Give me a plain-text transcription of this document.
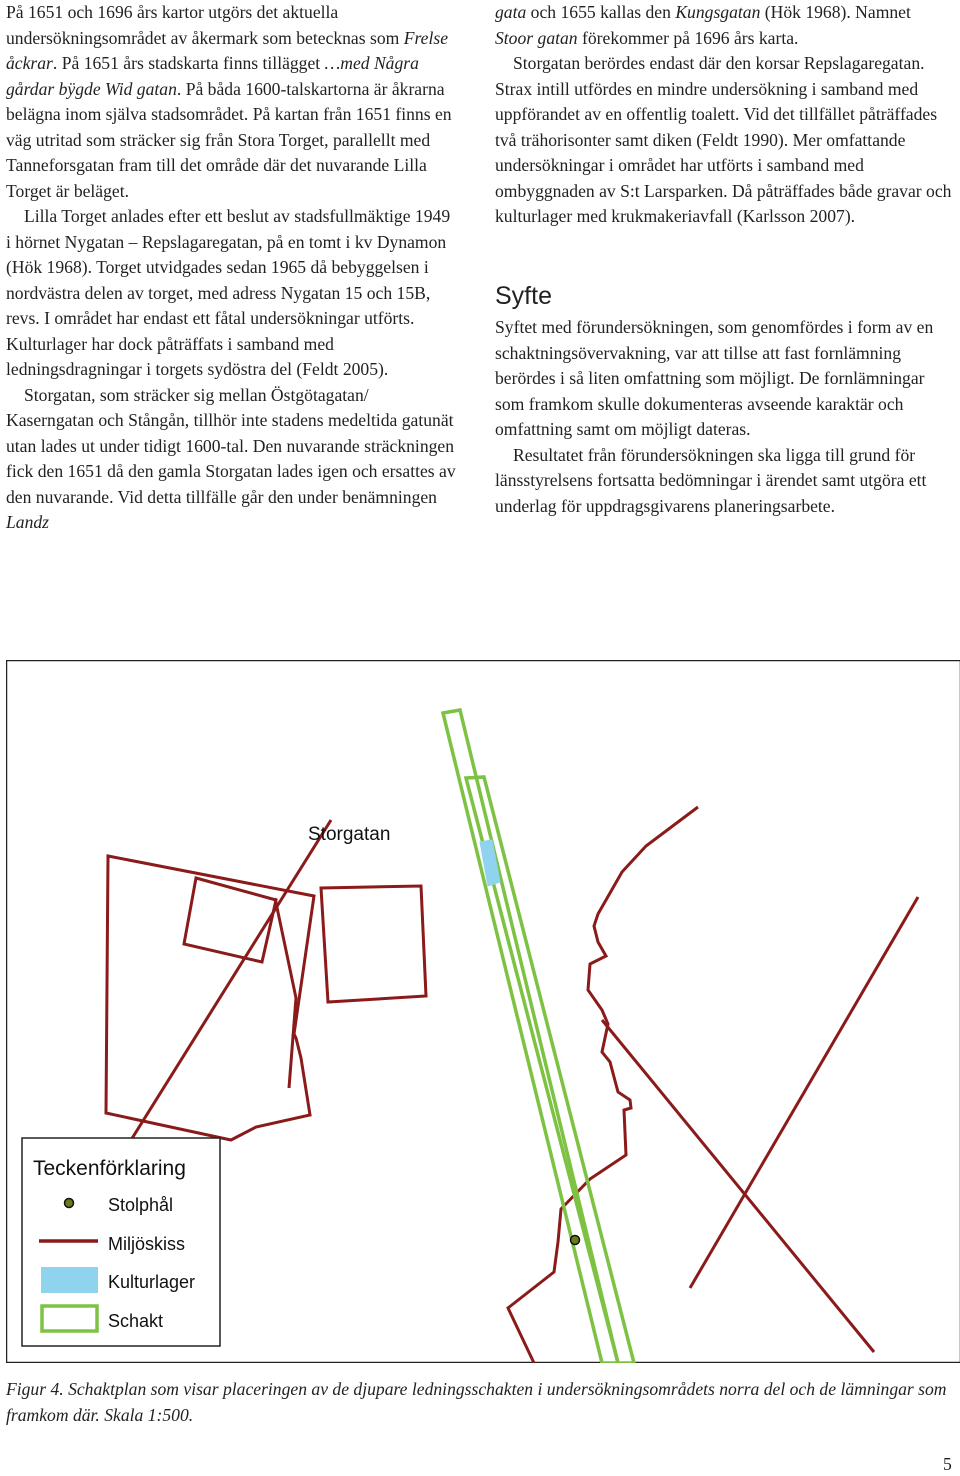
På 1651 och 1696 års kartor utgörs det aktuella undersökningsområdet av åkermark som betecknas som Frelse åckrar. På 1651 års stadskarta finns tillägget …med Några gårdar bÿgde Wid gatan. På båda 1600-talskartorna är åkrarna belägna inom själva stadsområdet. På kartan från 1651 finns en väg utritad som sträcker sig från Stora Torget, parallellt med Tanneforsgatan fram till det område där det nuvarande Lilla Torget är beläget.

Lilla Torget anlades efter ett beslut av stadsfullmäktige 1949 i hörnet Nygatan – Repslagaregatan, på en tomt i kv Dynamon (Hök 1968). Torget utvidgades sedan 1965 då bebyggelsen i nordvästra delen av torget, med adress Nygatan 15 och 15B, revs. I området har endast ett fåtal undersökningar utförts. Kulturlager har dock påträffats i samband med ledningsdragningar i torgets sydöstra del (Feldt 2005).

Storgatan, som sträcker sig mellan Östgötagatan/ Kaserngatan och Stångån, tillhör inte stadens medeltida gatunät utan lades ut under tidigt 1600-tal. Den nuvarande sträckningen fick den 1651 då den gamla Storgatan lades igen och ersattes av den nuvarande. Vid detta tillfälle går den under benämningen Landz

gata och 1655 kallas den Kungsgatan (Hök 1968). Namnet Stoor gatan förekommer på 1696 års karta.

Storgatan berördes endast där den korsar Repslagaregatan. Strax intill utfördes en mindre undersökning i samband med uppförandet av en offentlig toalett. Vid det tillfället påträffades två trähorisonter samt diken (Feldt 1990). Mer omfattande undersökningar i området har utförts i samband med ombyggnaden av S:t Larsparken. Då påträffades både gravar och kulturlager med krukmakeriavfall (Karlsson 2007).

Syfte

Syftet med förundersökningen, som genomfördes i form av en schaktningsövervakning, var att tillse att fast fornlämning berördes i så liten omfattning som möjligt. De fornlämningar som framkom skulle dokumenteras avseende karaktär och omfattning samt om möjligt dateras.

Resultatet från förundersökningen ska ligga till grund för länsstyrelsens fortsatta bedömningar i ärendet samt utgöra ett underlag för uppdragsgivarens planeringsarbete.

Storgatan
Teckenförklaring
Stolphål
Miljöskiss
Kulturlager
Schakt
Figur 4. Schaktplan som visar placeringen av de djupare ledningsschakten i undersökningsområdets norra del och de lämningar som framkom där. Skala 1:500.
5
